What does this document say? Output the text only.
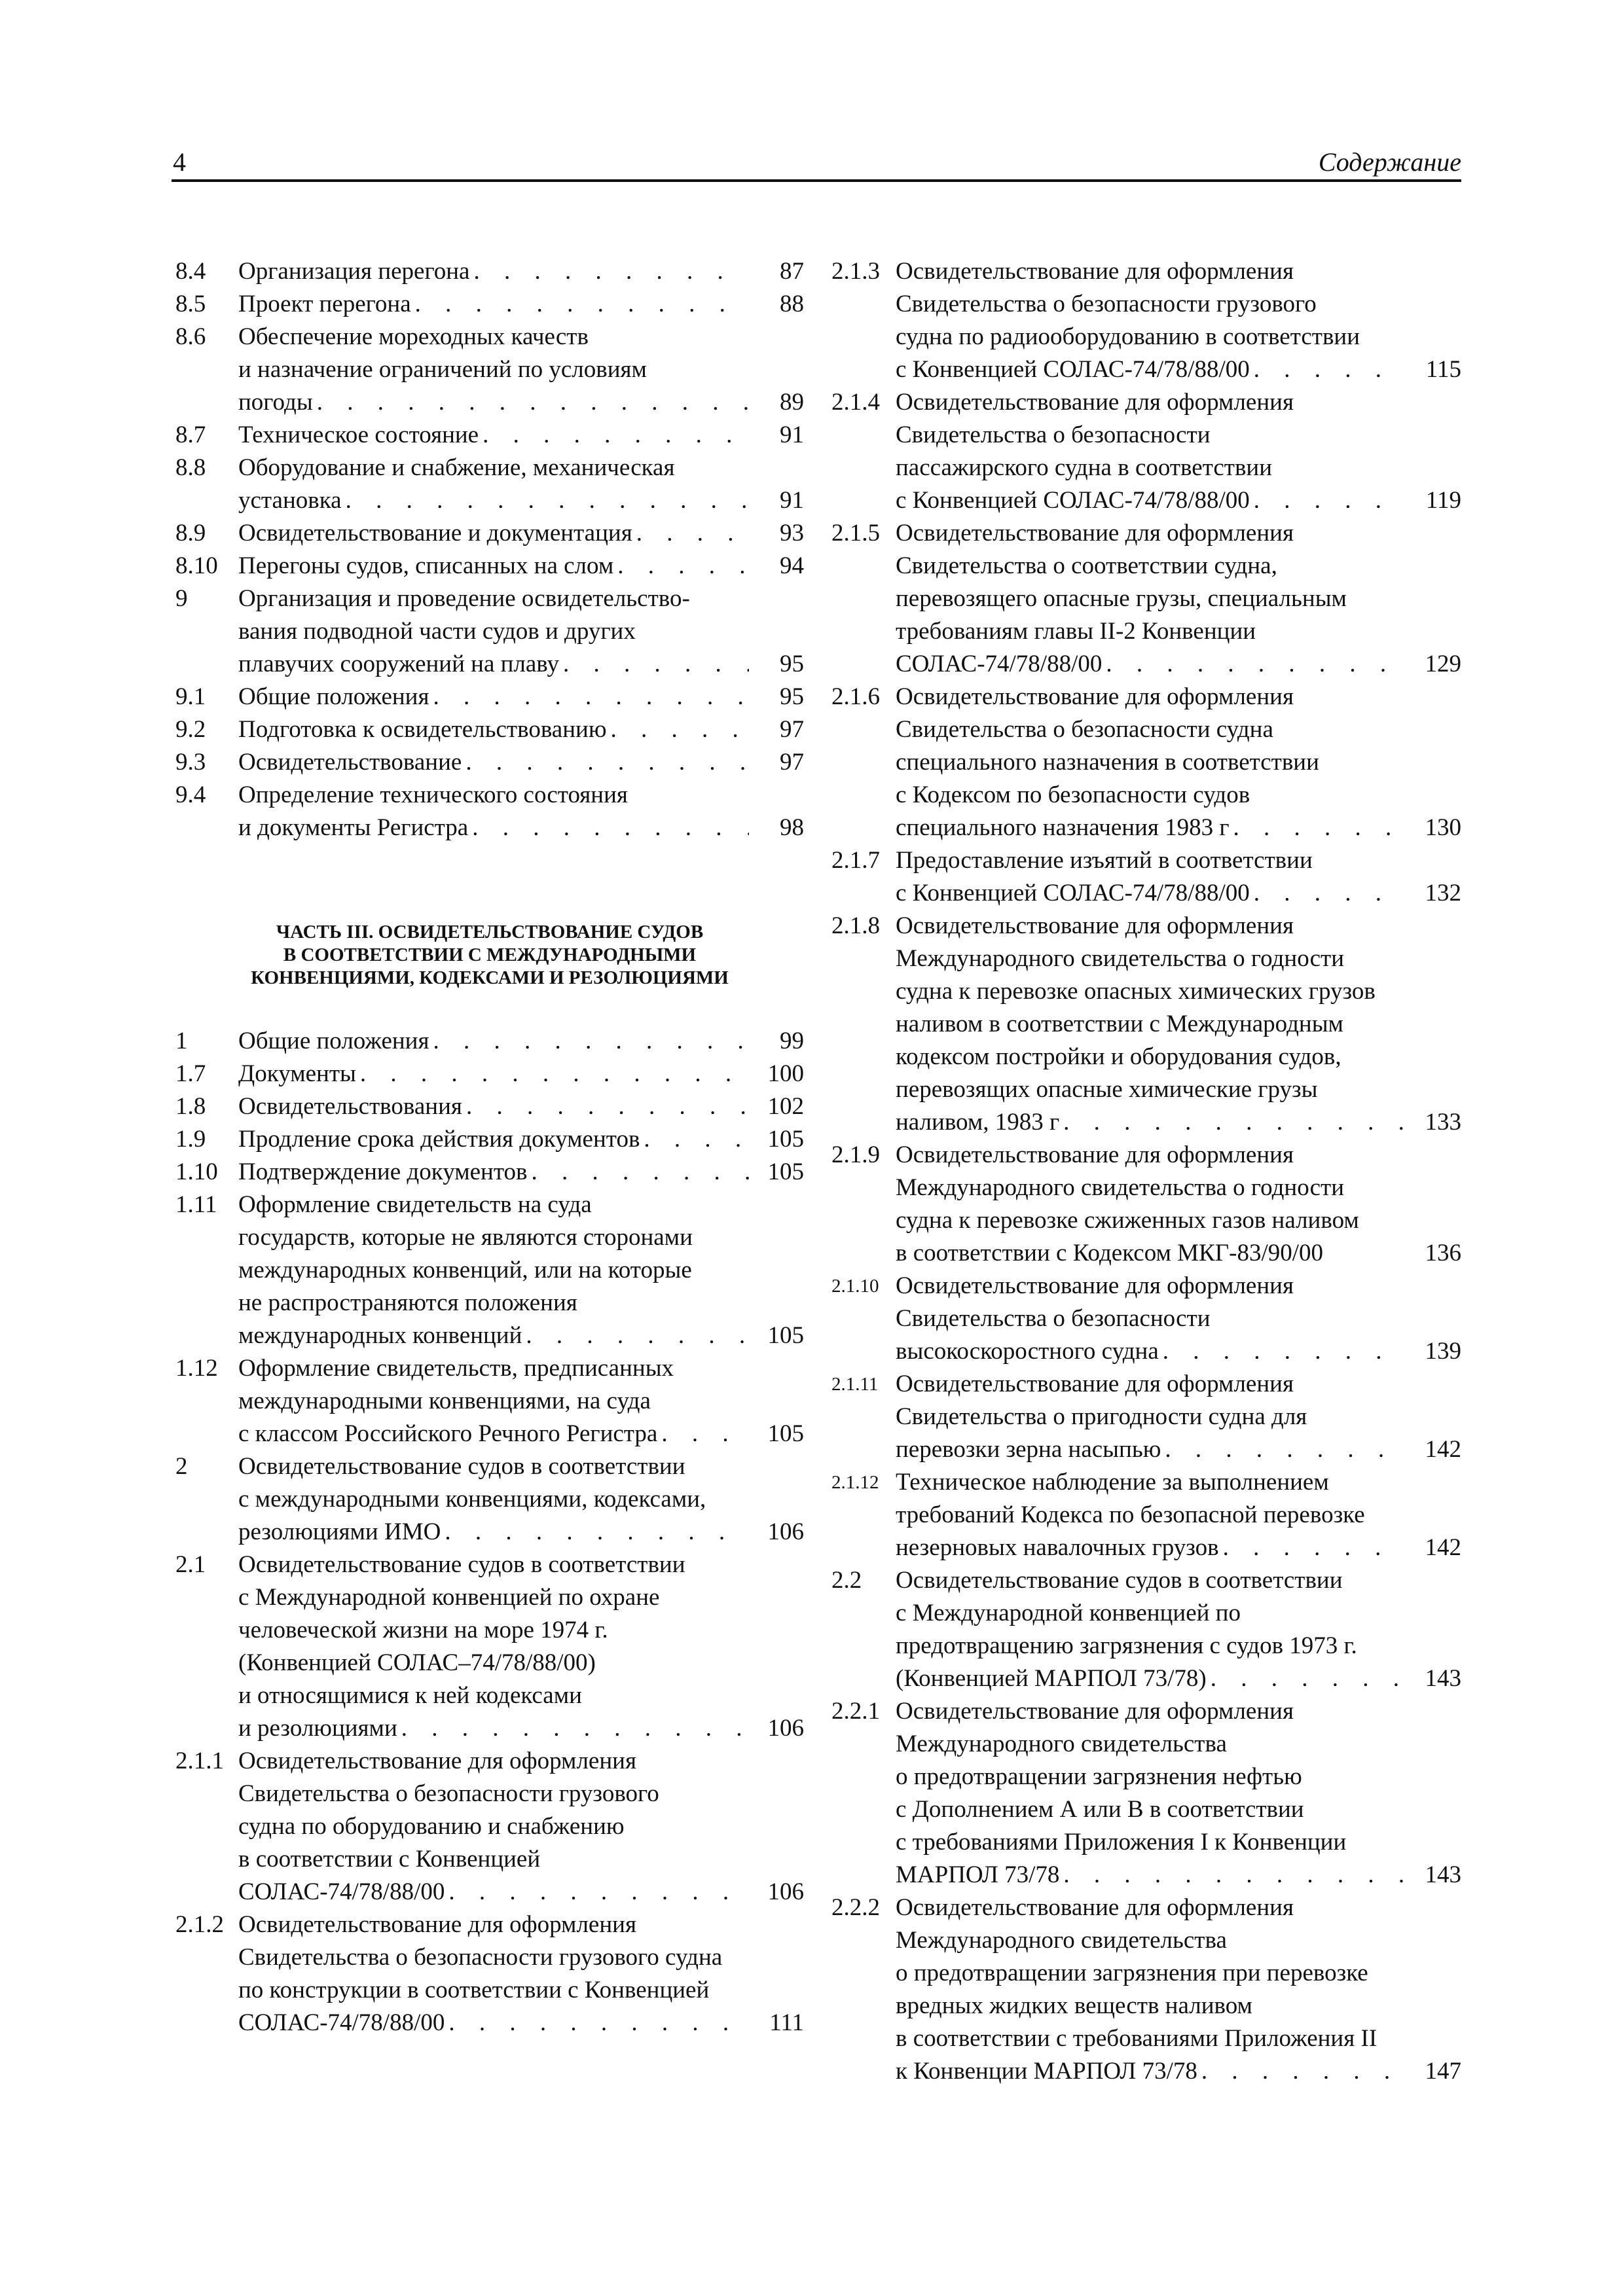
4	Содержание
8.4	Организация перегона . . .	87
8.5	Проект перегона . . .	88
8.6	Обеспечение мореходных качеств
и назначение ограничений по условиям
погоды . . .	89
8.7	Техническое состояние . . .	91
8.8	Оборудование и снабжение, механическая
установка . . .	91
8.9	Освидетельствование и документация . . .	93
8.10 Перегоны судов, списанных на слом . . .	94
9	Организация и проведение освидетельство-
вания подводной части судов и других
плавучих сооружений на плаву . . .	95
9.1	Общие положения . . .	95
9.2	Подготовка к освидетельствованию . . .	97
9.3	Освидетельствование . . .	97
9.4	Определение технического состояния
и документы Регистра . . .	98
ЧАСТЬ III. ОСВИДЕТЕЛЬСТВОВАНИЕ СУДОВ
В СООТВЕТСТВИИ С МЕЖДУНАРОДНЫМИ
КОНВЕНЦИЯМИ, КОДЕКСАМИ И РЕЗОЛЮЦИЯМИ
1	Общие положения . . .	99
1.7	Документы . . .	100
1.8	Освидетельствования . . .	102
1.9	Продление срока действия документов . . .	105
1.10 Подтверждение документов . . .	105
1.11 Оформление свидетельств на суда
государств, которые не являются сторонами
международных конвенций, или на которые
не распространяются положения
международных конвенций . . .	105
1.12 Оформление свидетельств, предписанных
международными конвенциями, на суда
с классом Российского Речного Регистра . . .	105
2	Освидетельствование судов в соответствии
с международными конвенциями, кодексами,
резолюциями ИМО . . .	106
2.1	Освидетельствование судов в соответствии
с Международной конвенцией по охране
человеческой жизни на море 1974 г.
(Конвенцией СОЛАС–74/78/88/00)
и относящимися к ней кодексами
и резолюциями . . .	106
2.1.1 Освидетельствование для оформления
Свидетельства о безопасности грузового
судна по оборудованию и снабжению
в соответствии с Конвенцией
СОЛАС-74/78/88/00 . . .	106
2.1.2 Освидетельствование для оформления
Свидетельства о безопасности грузового судна
по конструкции в соответствии с Конвенцией
СОЛАС-74/78/88/00 . . .	111
2.1.3 Освидетельствование для оформления
Свидетельства о безопасности грузового
судна по радиооборудованию в соответствии
с Конвенцией СОЛАС-74/78/88/00 . . .	115
2.1.4 Освидетельствование для оформления
Свидетельства о безопасности
пассажирского судна в соответствии
с Конвенцией СОЛАС-74/78/88/00 . . .	119
2.1.5 Освидетельствование для оформления
Свидетельства о соответствии судна,
перевозящего опасные грузы, специальным
требованиям главы II-2 Конвенции
СОЛАС-74/78/88/00 . . .	129
2.1.6 Освидетельствование для оформления
Свидетельства о безопасности судна
специального назначения в соответствии
с Кодексом по безопасности судов
специального назначения 1983 г . . .	130
2.1.7 Предоставление изъятий в соответствии
с Конвенцией СОЛАС-74/78/88/00 . . .	132
2.1.8 Освидетельствование для оформления
Международного свидетельства о годности
судна к перевозке опасных химических грузов
наливом в соответствии с Международным
кодексом постройки и оборудования судов,
перевозящих опасные химические грузы
наливом, 1983 г . . .	133
2.1.9 Освидетельствование для оформления
Международного свидетельства о годности
судна к перевозке сжиженных газов наливом
в соответствии с Кодексом МКГ-83/90/00	136
2.1.10 Освидетельствование для оформления
Свидетельства о безопасности
высокоскоростного судна . . .	139
2.1.11 Освидетельствование для оформления
Свидетельства о пригодности судна для
перевозки зерна насыпью . . .	142
2.1.12 Техническое наблюдение за выполнением
требований Кодекса по безопасной перевозке
незерновых навалочных грузов . . .	142
2.2	Освидетельствование судов в соответствии
с Международной конвенцией по
предотвращению загрязнения с судов 1973 г.
(Конвенцией МАРПОЛ 73/78) . . .	143
2.2.1 Освидетельствование для оформления
Международного свидетельства
о предотвращении загрязнения нефтью
с Дополнением А или В в соответствии
с требованиями Приложения I к Конвенции
МАРПОЛ 73/78 . . .	143
2.2.2 Освидетельствование для оформления
Международного свидетельства
о предотвращении загрязнения при перевозке
вредных жидких веществ наливом
в соответствии с требованиями Приложения II
к Конвенции МАРПОЛ 73/78 . . .	147
